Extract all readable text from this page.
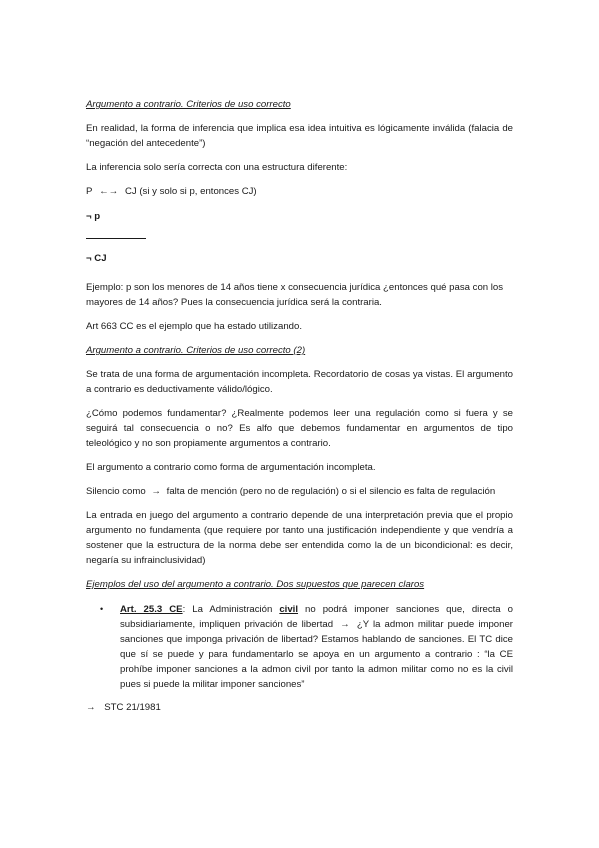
Argumento a contrario. Criterios de uso correcto

En realidad, la forma de inferencia que implica esa idea intuitiva es lógicamente inválida (falacia de “negación del antecedente”)

La inferencia solo sería correcta con una estructura diferente:

P ←→ CJ (si y solo si p, entonces CJ)
¬ p
¬ CJ

Ejemplo: p son los menores de 14 años tiene x consecuencia jurídica ¿entonces qué pasa con los mayores de 14 años? Pues la consecuencia jurídica será la contraria.

Art 663 CC es el ejemplo que ha estado utilizando.

Argumento a contrario. Criterios de uso correcto (2)

Se trata de una forma de argumentación incompleta. Recordatorio de cosas ya vistas. El argumento a contrario es deductivamente válido/lógico.

¿Cómo podemos fundamentar? ¿Realmente podemos leer una regulación como si fuera y se seguirá tal consecuencia o no? Es alfo que debemos fundamentar en argumentos de tipo teleológico y no son propiamente argumentos a contrario.

El argumento a contrario como forma de argumentación incompleta.

Silencio como → falta de mención (pero no de regulación) o si el silencio es falta de regulación

La entrada en juego del argumento a contrario depende de una interpretación previa que el propio argumento no fundamenta (que requiere por tanto una justificación independiente y que vendría a sostener que la estructura de la norma debe ser entendida como la de un bicondicional: es decir, negaría su infrainclusividad)

Ejemplos del uso del argumento a contrario. Dos supuestos que parecen claros
• Art. 25.3 CE: La Administración civil no podrá imponer sanciones que, directa o subsidiariamente, impliquen privación de libertad → ¿Y la admon militar puede imponer sanciones que imponga privación de libertad? Estamos hablando de sanciones. El TC dice que sí se puede y para fundamentarlo se apoya en un argumento a contrario : “la CE prohíbe imponer sanciones a la admon civil por tanto la admon militar como no es la civil pues si puede la militar imponer sanciones”
→ STC 21/1981
